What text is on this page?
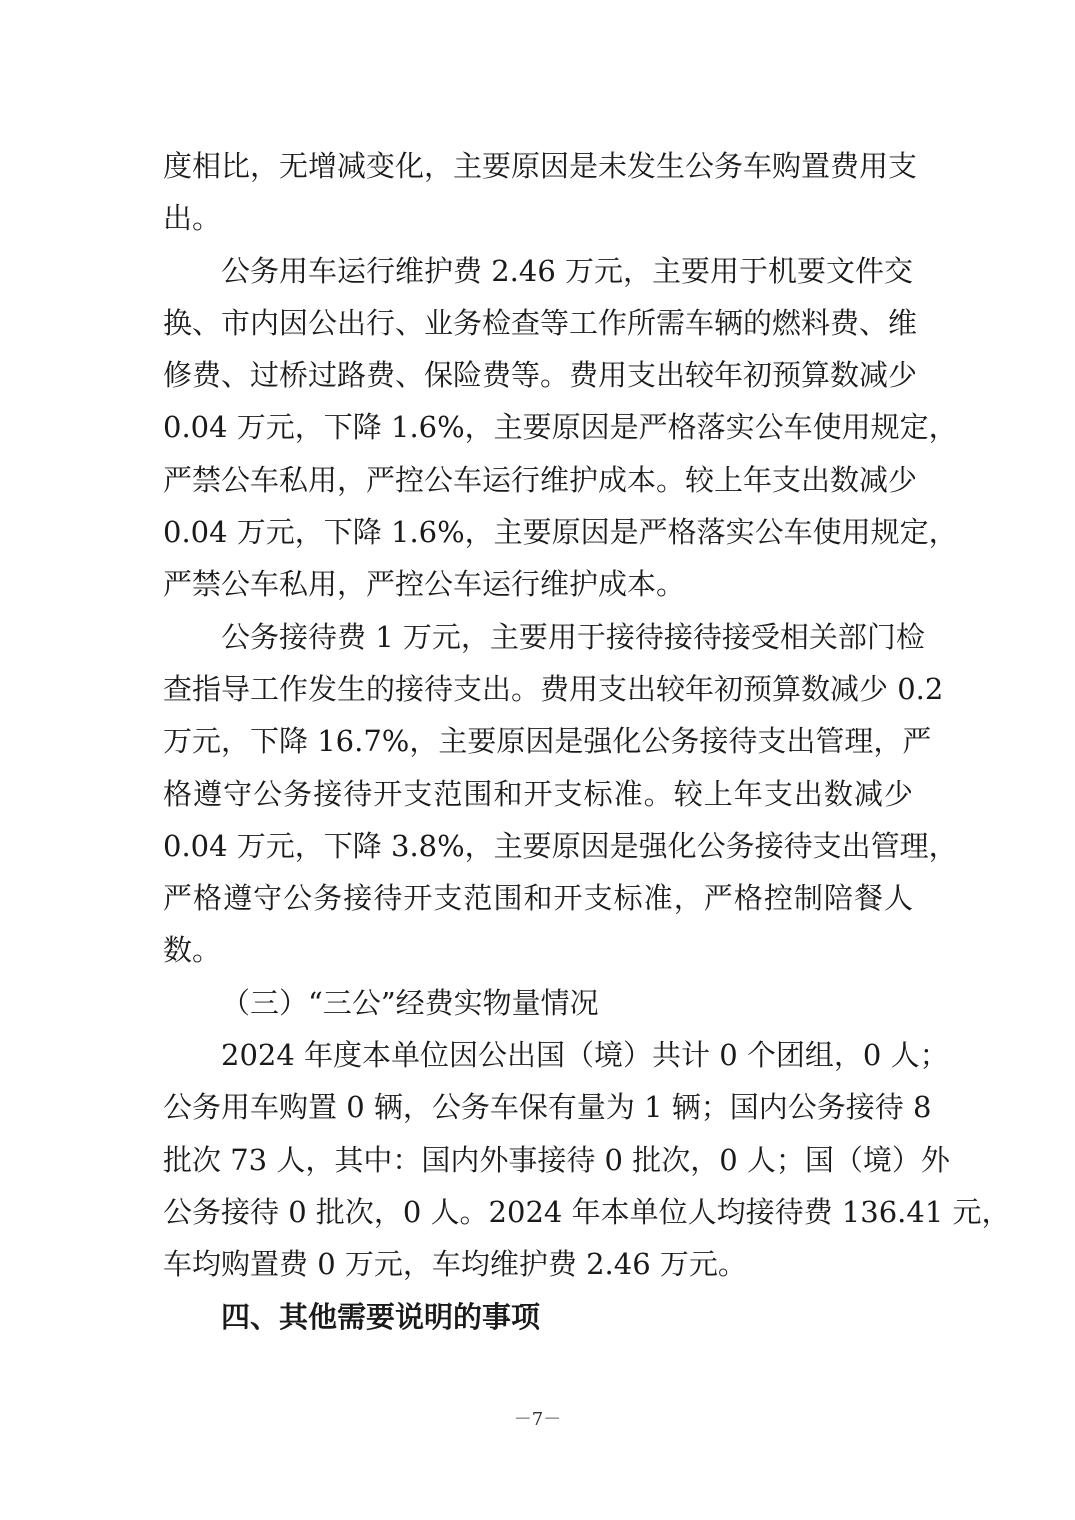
度相比，无增减变化，主要原因是未发生公务车购置费用支
出。
公务用车运行维护费 2.46 万元，主要用于机要文件交
换、市内因公出行、业务检查等工作所需车辆的燃料费、维
修费、过桥过路费、保险费等。费用支出较年初预算数减少
0.04 万元，下降 1.6%，主要原因是严格落实公车使用规定，
严禁公车私用，严控公车运行维护成本。较上年支出数减少
0.04 万元，下降 1.6%，主要原因是严格落实公车使用规定，
严禁公车私用，严控公车运行维护成本。
公务接待费 1 万元，主要用于接待接待接受相关部门检
查指导工作发生的接待支出。费用支出较年初预算数减少 0.2
万元，下降 16.7%，主要原因是强化公务接待支出管理，严
格遵守公务接待开支范围和开支标准。较上年支出数减少
0.04 万元，下降 3.8%，主要原因是强化公务接待支出管理，
严格遵守公务接待开支范围和开支标准，严格控制陪餐人
数。
（三）“三公”经费实物量情况
2024 年度本单位因公出国（境）共计 0 个团组，0 人；
公务用车购置 0 辆，公务车保有量为 1 辆；国内公务接待 8
批次 73 人，其中：国内外事接待 0 批次，0 人；国（境）外
公务接待 0 批次，0 人。2024 年本单位人均接待费 136.41 元，
车均购置费 0 万元，车均维护费 2.46 万元。
四、其他需要说明的事项
－7－
